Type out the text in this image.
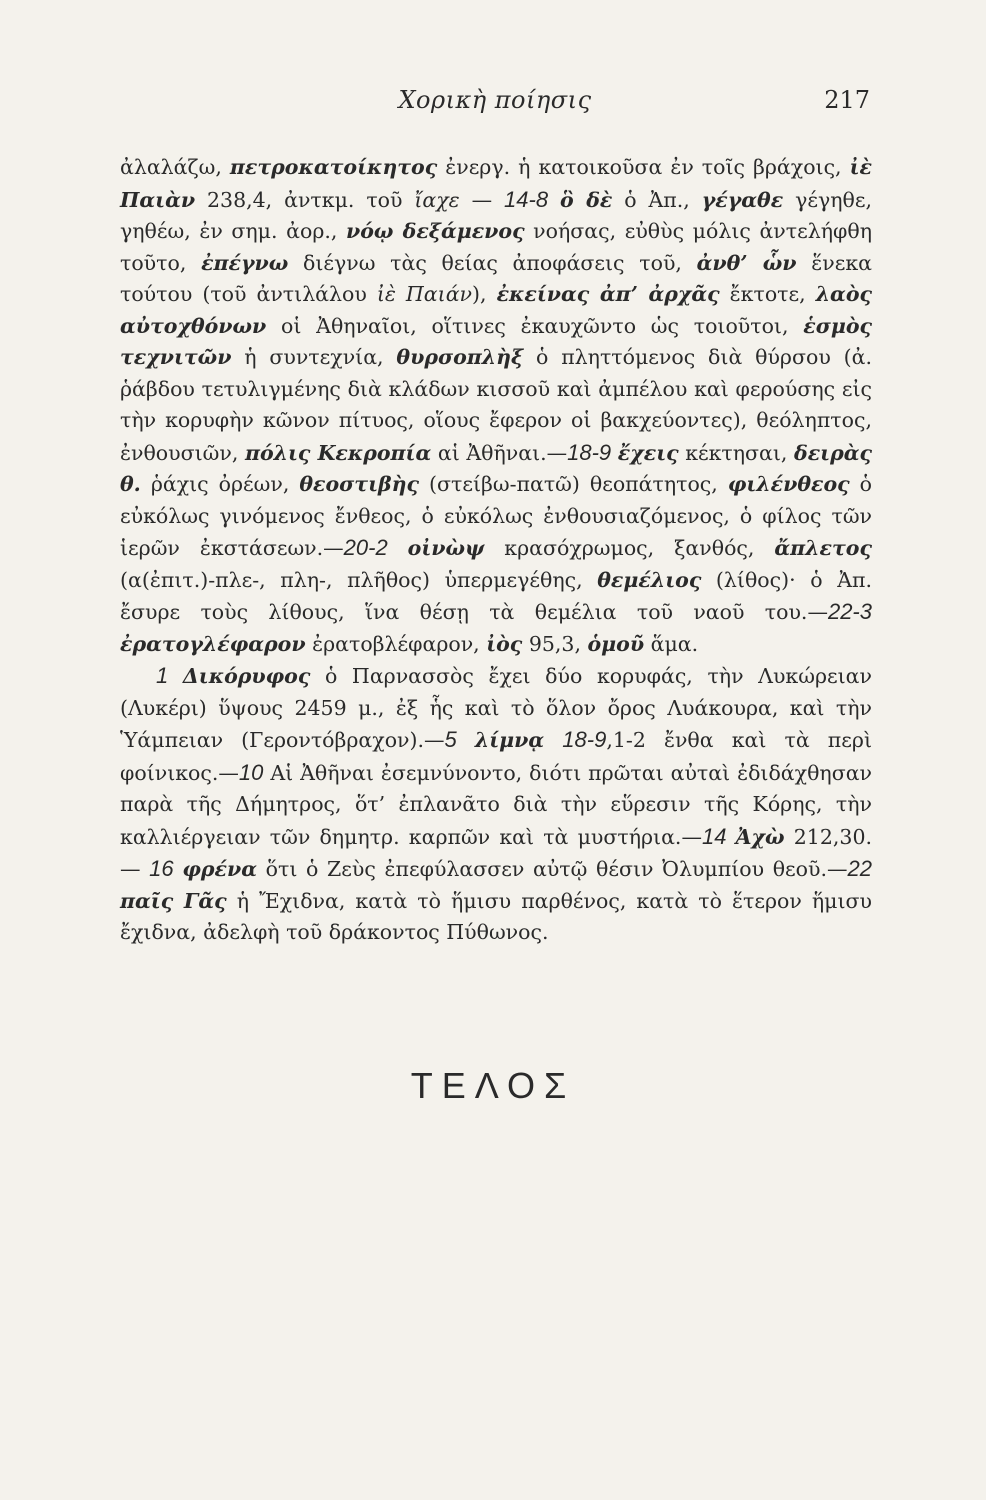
Χορικὴ ποίησις	217

ἀλαλάζω, πετροκατοίκητος ἐνεργ. ἡ κατοικοῦσα ἐν τοῖς βράχοις, ἰὲ Παιὰν 238,4, ἀντκμ. τοῦ ἴαχε — 14-8 ὃ δὲ ὁ Ἀπ., γέγαθε γέγηθε, γηθέω, ἐν σημ. ἀορ., νόῳ δεξάμενος νοήσας, εὐθὺς μόλις ἀντελήφθη τοῦτο, ἐπέγνω διέγνω τὰς θείας ἀποφάσεις τοῦ, ἀνθ’ ὧν ἕνεκα τούτου (τοῦ ἀντιλάλου ἰὲ Παιάν), ἐκείνας ἀπ’ ἀρχᾶς ἔκτοτε, λαὸς αὐτοχθόνων οἱ Ἀθηναῖοι, οἵτινες ἐκαυχῶντο ὡς τοιοῦτοι, ἑσμὸς τεχνιτῶν ἡ συντεχνία, θυρσοπλὴξ ὁ πληττόμενος διὰ θύρσου (ἀ. ῥάβδου τετυλιγμένης διὰ κλάδων κισσοῦ καὶ ἀμπέλου καὶ φερούσης εἰς τὴν κορυφὴν κῶνον πίτυος, οἵους ἔφερον οἱ βακχεύοντες), θεόληπτος, ἐνθουσιῶν, πόλις Κεκροπία αἱ Ἀθῆναι.—18-9 ἔχεις κέκτησαι, δειρὰς θ. ῥάχις ὀρέων, θεοστιβὴς (στείβω-πατῶ) θεοπάτητος, φιλένθεος ὁ εὐκόλως γινόμενος ἔνθεος, ὁ εὐκόλως ἐνθουσιαζόμενος, ὁ φίλος τῶν ἱερῶν ἐκστάσεων.—20-2 οἰνὼψ κρασόχρωμος, ξανθός, ἄπλετος (α(ἐπιτ.)-πλε-, πλη-, πλῆθος) ὑπερμεγέθης, θεμέλιος (λίθος)· ὁ Ἀπ. ἔσυρε τοὺς λίθους, ἵνα θέσῃ τὰ θεμέλια τοῦ ναοῦ του.—22-3 ἐρατογλέφαρον ἐρατοβλέφαρον, ἰὸς 95,3, ὁμοῦ ἅμα.

1 Δικόρυφος ὁ Παρνασσὸς ἔχει δύο κορυφάς, τὴν Λυκώρειαν (Λυκέρι) ὕψους 2459 μ., ἐξ ἧς καὶ τὸ ὅλον ὄρος Λυάκουρα, καὶ τὴν Ὑάμπειαν (Γεροντόβραχον).—5 λίμνᾳ 18-9,1-2 ἔνθα καὶ τὰ περὶ φοίνικος.—10 Αἱ Ἀθῆναι ἐσεμνύνοντο, διότι πρῶται αὐταὶ ἐδιδάχθησαν παρὰ τῆς Δήμητρος, ὅτ’ ἐπλανᾶτο διὰ τὴν εὕρεσιν τῆς Κόρης, τὴν καλλιέργειαν τῶν δημητρ. καρπῶν καὶ τὰ μυστήρια.—14 Ἀχὼ 212,30. — 16 φρένα ὅτι ὁ Ζεὺς ἐπεφύλασσεν αὐτῷ θέσιν Ὀλυμπίου θεοῦ.—22 παῖς Γᾶς ἡ Ἔχιδνα, κατὰ τὸ ἥμισυ παρθένος, κατὰ τὸ ἕτερον ἥμισυ ἔχιδνα, ἀδελφὴ τοῦ δράκοντος Πύθωνος.

ΤΕΛΟΣ
